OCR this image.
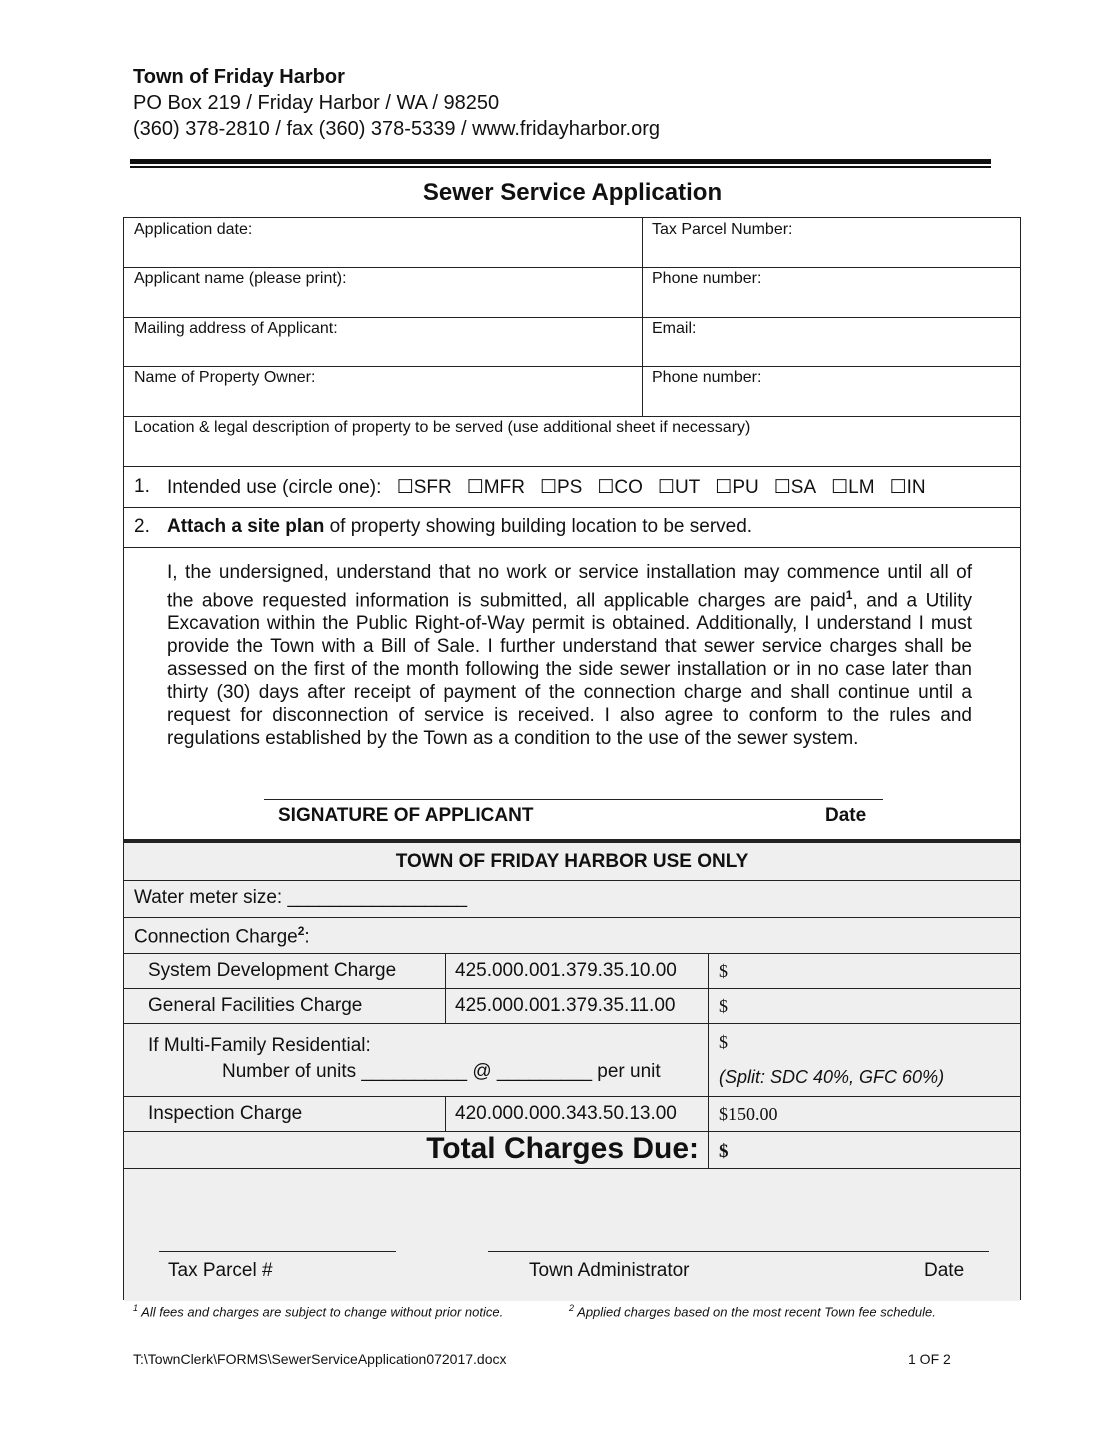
Town of Friday Harbor
PO Box 219 / Friday Harbor / WA / 98250
(360) 378-2810 / fax (360) 378-5339 / www.fridayharbor.org
Sewer Service Application
Application date:	Tax Parcel Number:
Applicant name (please print):	Phone number:
Mailing address of Applicant:	Email:
Name of Property Owner:	Phone number:
Location & legal description of property to be served (use additional sheet if necessary)
1. Intended use (circle one): ☐SFR ☐MFR ☐PS ☐CO ☐UT ☐PU ☐SA ☐LM ☐IN
2. Attach a site plan of property showing building location to be served.
I, the undersigned, understand that no work or service installation may commence until all of the above requested information is submitted, all applicable charges are paid$^1$, and a Utility Excavation within the Public Right-of-Way permit is obtained. Additionally, I understand I must provide the Town with a Bill of Sale. I further understand that sewer service charges shall be assessed on the first of the month following the side sewer installation or in no case later than thirty (30) days after receipt of payment of the connection charge and shall continue until a request for disconnection of service is received. I also agree to conform to the rules and regulations established by the Town as a condition to the use of the sewer system.
SIGNATURE OF APPLICANT	Date
TOWN OF FRIDAY HARBOR USE ONLY
Water meter size: _________________
Connection Charge$^2$:
System Development Charge	425.000.001.379.35.10.00 $
General Facilities Charge	425.000.001.379.35.11.00 $
If Multi-Family Residential:
Number of units __________ @ _________ per unit
$
(Split: SDC 40%, GFC 60%)
Inspection Charge	420.000.000.343.50.13.00 $150.00
Total Charges Due: $
Tax Parcel #	Town Administrator	Date
$^1$ All fees and charges are subject to change without prior notice.	$^2$ Applied charges based on the most recent Town fee schedule.
T:\TownClerk\FORMS\SewerServiceApplication072017.docx	1 OF 2
